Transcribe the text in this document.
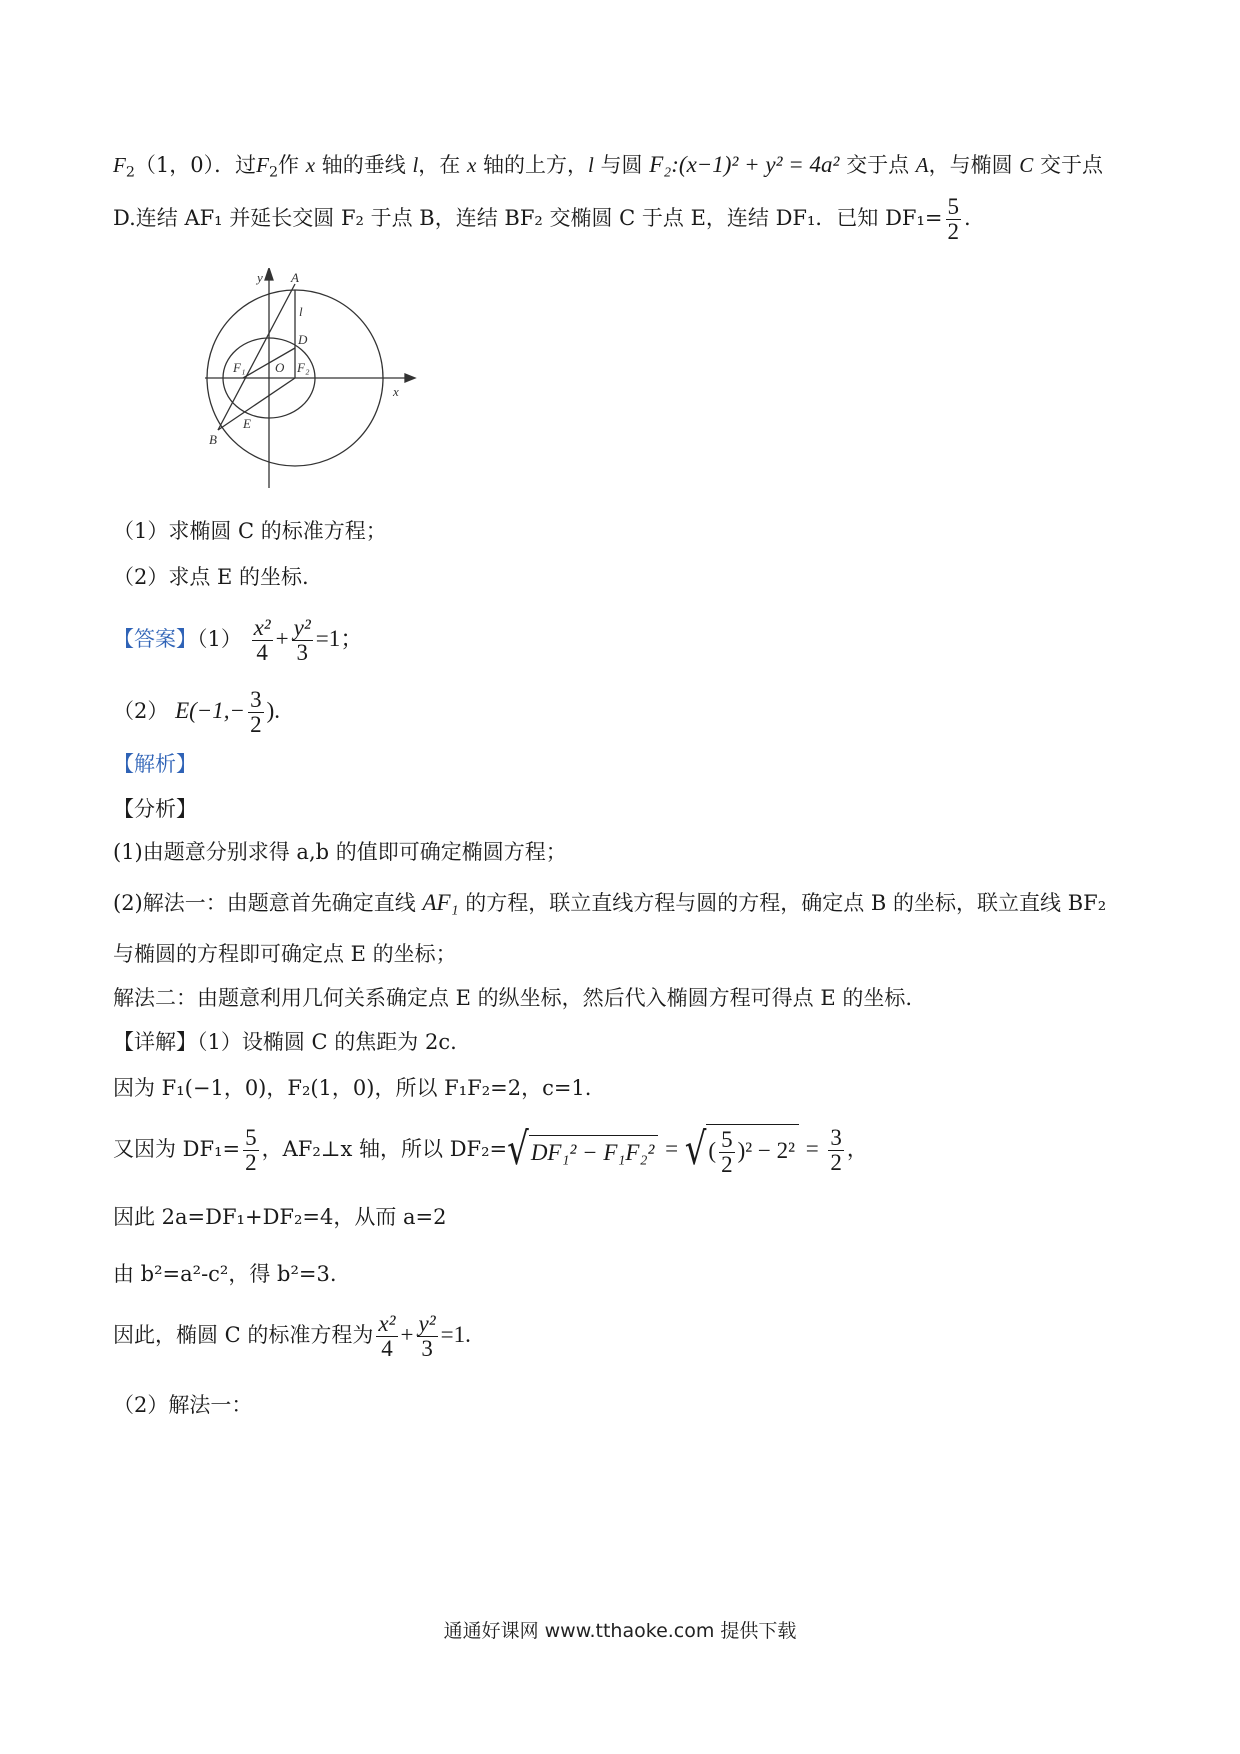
$F_2(1$，0）．过$F_2$作 x 轴的垂线 l，在 x 轴的上方，l 与圆 F₂:(x−1)² + y² = 4a² 交于点 A，与椭圆 C 交于点
D.连结 AF₁ 并延长交圆 F₂ 于点 B，连结 BF₂ 交椭圆 C 于点 E，连结 DF₁．已知 $DF_1= \frac{5}{2}$ .
y A
l
D
F₁ O F₂
x
E
B
（1）求椭圆 C 的标准方程；
（2）求点 E 的坐标.
【答案】$(1) \frac{\text{x²}}{4} + \frac{\text{y²}}{3} =1$；
（2） $E(-1,- \frac{3}{2}$ ).
【解析】
【分析】
(1)由题意分别求得 a,b 的值即可确定椭圆方程；
(2)解法一：由题意首先确定直线 AF₁ 的方程，联立直线方程与圆的方程，确定点 B 的坐标，联立直线 BF₂
与椭圆的方程即可确定点 E 的坐标；
解法二：由题意利用几何关系确定点 E 的纵坐标，然后代入椭圆方程可得点 E 的坐标.
【详解】（1）设椭圆 C 的焦距为 2c.
因为 F₁(−1，0)，F₂(1，0)，所以 F₁F₂=2，c=1.
又因为 $DF_1= \frac{5}{2}$ ，AF₂⊥x 轴，所以 DF₂=√DF₁² − F₁F₂² = √( $\frac{5}{2} )^2 - 2^2 = \frac{3}{2}$ ，
因此 2a=DF₁+DF₂=4，从而 a=2
由 b²=a²-c²，得 b²=3.
因此，椭圆 C 的标准方程为 $\frac{\text{x²}}{4} + \frac{\text{y²}}{3} =1$.
（2）解法一：
通通好课网 www.tthaoke.com 提供下载
